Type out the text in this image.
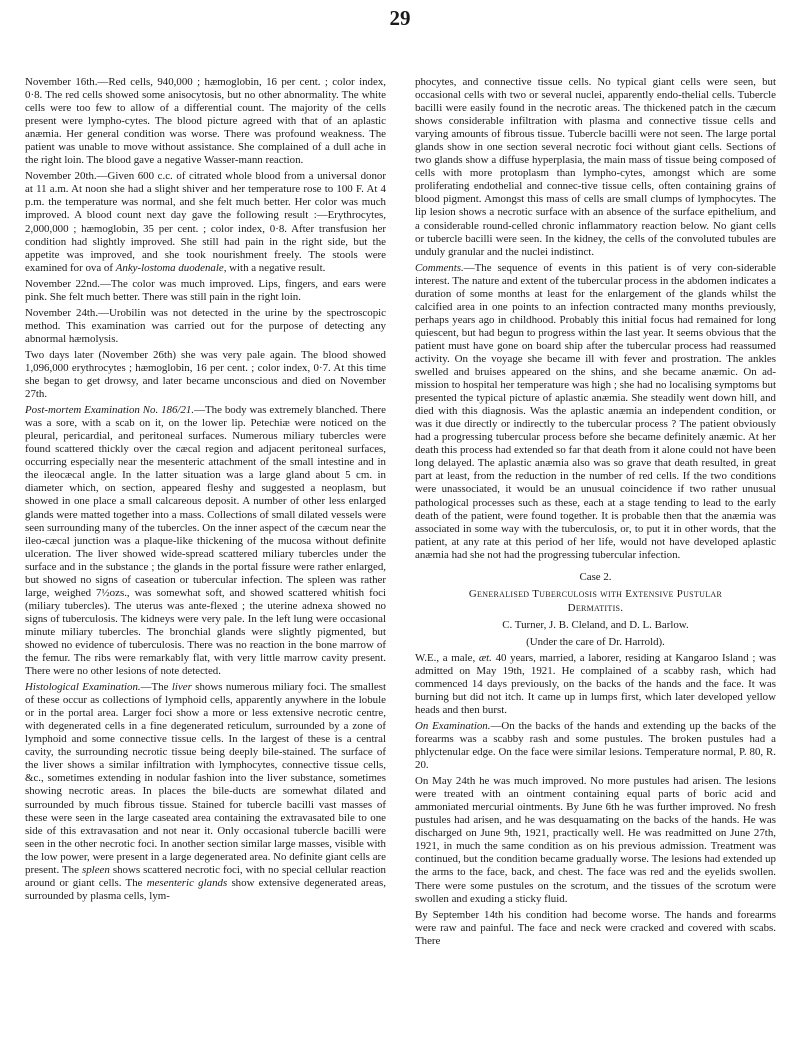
29

November 16th.—Red cells, 940,000 ; hæmoglobin, 16 per cent. ; color index, 0·8. The red cells showed some anisocytosis, but no other abnormality. The white cells were too few to allow of a differential count. The majority of the cells present were lympho-cytes. The blood picture agreed with that of an aplastic anæmia. Her general condition was worse. There was profound weakness. The patient was unable to move without assistance. She complained of a dull ache in the right loin. The blood gave a negative Wasser-mann reaction.

November 20th.—Given 600 c.c. of citrated whole blood from a universal donor at 11 a.m. At noon she had a slight shiver and her temperature rose to 100 F. At 4 p.m. the temperature was normal, and she felt much better. Her color was much improved. A blood count next day gave the following result :—Erythrocytes, 2,000,000 ; hæmoglobin, 35 per cent. ; color index, 0·8. After transfusion her condition had slightly improved. She still had pain in the right side, but the appetite was improved, and she took nourishment freely. The stools were examined for ova of Anky-lostoma duodenale, with a negative result.

November 22nd.—The color was much improved. Lips, fingers, and ears were pink. She felt much better. There was still pain in the right loin.

November 24th.—Urobilin was not detected in the urine by the spectroscopic method. This examination was carried out for the purpose of detecting any abnormal hæmolysis.

Two days later (November 26th) she was very pale again. The blood showed 1,096,000 erythrocytes ; hæmoglobin, 16 per cent. ; color index, 0·7. At this time she began to get drowsy, and later became unconscious and died on November 27th.

Post-mortem Examination No. 186/21.—The body was extremely blanched. There was a sore, with a scab on it, on the lower lip. Petechiæ were noticed on the pleural, pericardial, and peritoneal surfaces. Numerous miliary tubercles were found scattered thickly over the cæcal region and adjacent peritoneal surfaces, occurring especially near the mesenteric attachment of the small intestine and in the ileocæcal angle. In the latter situation was a large gland about 5 cm. in diameter which, on section, appeared fleshy and suggested a neoplasm, but showed in one place a small calcareous deposit. A number of other less enlarged glands were matted together into a mass. Collections of small dilated vessels were seen surrounding many of the tubercles. On the inner aspect of the cæcum near the ileo-cæcal junction was a plaque-like thickening of the mucosa without definite ulceration. The liver showed wide-spread scattered miliary tubercles under the surface and in the substance ; the glands in the portal fissure were rather enlarged, but showed no signs of caseation or tubercular infection. The spleen was rather large, weighed 7½ozs., was somewhat soft, and showed scattered whitish foci (miliary tubercles). The uterus was ante-flexed ; the uterine adnexa showed no signs of tuberculosis. The kidneys were very pale. In the left lung were occasional minute miliary tubercles. The bronchial glands were slightly pigmented, but showed no evidence of tuberculosis. There was no reaction in the bone marrow of the femur. The ribs were remarkably flat, with very little marrow cavity present. There were no other lesions of note detected.

Histological Examination.—The liver shows numerous miliary foci. The smallest of these occur as collections of lymphoid cells, apparently anywhere in the lobule or in the portal area. Larger foci show a more or less extensive necrotic centre, with degenerated cells in a fine degenerated reticulum, surrounded by a zone of lymphoid and some connective tissue cells. In the largest of these is a central cavity, the surrounding necrotic tissue being deeply bile-stained. The surface of the liver shows a similar infiltration with lymphocytes, connective tissue cells, &c., sometimes extending in nodular fashion into the liver substance, sometimes showing necrotic areas. In places the bile-ducts are somewhat dilated and surrounded by much fibrous tissue. Stained for tubercle bacilli vast masses of these were seen in the large caseated area containing the extravasated bile to one side of this extravasation and not near it. Only occasional tubercle bacilli were seen in the other necrotic foci. In another section similar large masses, visible with the low power, were present in a large degenerated area. No definite giant cells are present. The spleen shows scattered necrotic foci, with no special cellular reaction around or giant cells. The mesenteric glands show extensive degenerated areas, surrounded by plasma cells, lym-

phocytes, and connective tissue cells. No typical giant cells were seen, but occasional cells with two or several nuclei, apparently endo-thelial cells. Tubercle bacilli were easily found in the necrotic areas. The thickened patch in the cæcum shows considerable infiltration with plasma and connective tissue cells and varying amounts of fibrous tissue. Tubercle bacilli were not seen. The large portal glands show in one section several necrotic foci without giant cells. Sections of two glands show a diffuse hyperplasia, the main mass of tissue being composed of cells with more protoplasm than lympho-cytes, amongst which are some proliferating endothelial and connec-tive tissue cells, often containing grains of blood pigment. Amongst this mass of cells are small clumps of lymphocytes. The lip lesion shows a necrotic surface with an absence of the surface epithelium, and a considerable round-celled chronic inflammatory reaction below. No giant cells or tubercle bacilli were seen. In the kidney, the cells of the convoluted tubules are unduly granular and the nuclei indistinct.

Comments.—The sequence of events in this patient is of very con-siderable interest. The nature and extent of the tubercular process in the abdomen indicates a duration of some months at least for the enlargement of the glands whilst the calcified area in one points to an infection contracted many months previously, perhaps years ago in childhood. Probably this initial focus had remained for long quiescent, but had begun to progress within the last year. It seems obvious that the patient must have gone on board ship after the tubercular process had reassumed activity. On the voyage she became ill with fever and prostration. The ankles swelled and bruises appeared on the shins, and she became anæmic. On ad-mission to hospital her temperature was high ; she had no localising symptoms but presented the typical picture of aplastic anæmia. She steadily went down hill, and died with this diagnosis. Was the aplastic anæmia an independent condition, or was it due directly or indirectly to the tubercular process ? The patient obviously had a progressing tubercular process before she became definitely anæmic. At her death this process had extended so far that death from it alone could not have been long delayed. The aplastic anæmia also was so grave that death resulted, in great part at least, from the reduction in the number of red cells. If the two conditions were unassociated, it would be an unusual coincidence if two rather unusual pathological processes such as these, each at a stage tending to lead to the early death of the patient, were found together. It is probable then that the anæmia was associated in some way with the tuberculosis, or, to put it in other words, that the patient, at any rate at this period of her life, would not have developed aplastic anæmia had she not had the progressing tubercular infection.

Case 2.

Generalised Tuberculosis with Extensive Pustular
Dermatitis.

C. Turner, J. B. Cleland, and D. L. Barlow.

(Under the care of Dr. Harrold).

W.E., a male, æt. 40 years, married, a laborer, residing at Kangaroo Island ; was admitted on May 19th, 1921. He complained of a scabby rash, which had commenced 14 days previously, on the backs of the hands and the face. It was burning but did not itch. It came up in lumps first, which later developed yellow heads and then burst.

On Examination.—On the backs of the hands and extending up the backs of the forearms was a scabby rash and some pustules. The broken pustules had a phlyctenular edge. On the face were similar lesions. Temperature normal, P. 80, R. 20.

On May 24th he was much improved. No more pustules had arisen. The lesions were treated with an ointment containing equal parts of boric acid and ammoniated mercurial ointments. By June 6th he was further improved. No fresh pustules had arisen, and he was desquamating on the backs of the hands. He was discharged on June 9th, 1921, practically well. He was readmitted on June 27th, 1921, in much the same condition as on his previous admission. Treatment was continued, but the condition became gradually worse. The lesions had extended up the arms to the face, back, and chest. The face was red and the eyelids swollen. There were some pustules on the scrotum, and the tissues of the scrotum were swollen and exuding a sticky fluid.

By September 14th his condition had become worse. The hands and forearms were raw and painful. The face and neck were cracked and covered with scabs. There
